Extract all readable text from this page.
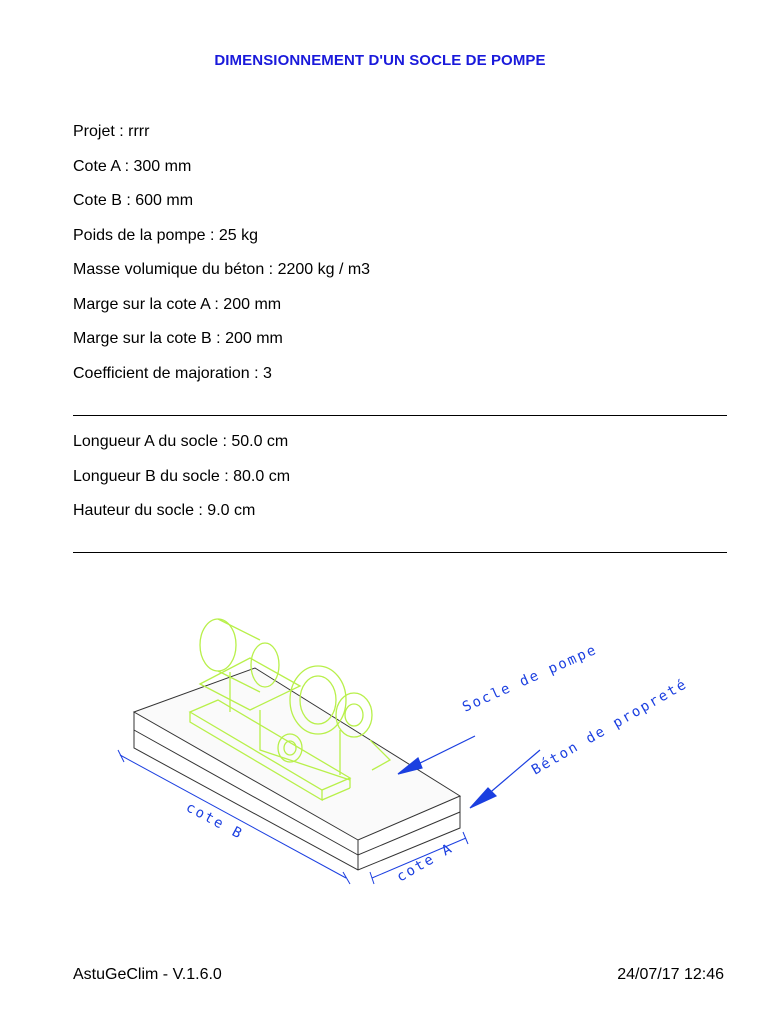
DIMENSIONNEMENT D'UN SOCLE DE POMPE
Projet : rrrr
Cote A : 300 mm
Cote B : 600 mm
Poids de la pompe : 25 kg
Masse volumique du béton : 2200 kg / m3
Marge sur la cote A : 200 mm
Marge sur la cote B : 200 mm
Coefficient de majoration : 3
Longueur A du socle : 50.0 cm
Longueur B du socle : 80.0 cm
Hauteur du socle : 9.0 cm
Socle de pompe
Béton de propreté
cote B
cote A
AstuGeClim - V.1.6.0	24/07/17 12:46
